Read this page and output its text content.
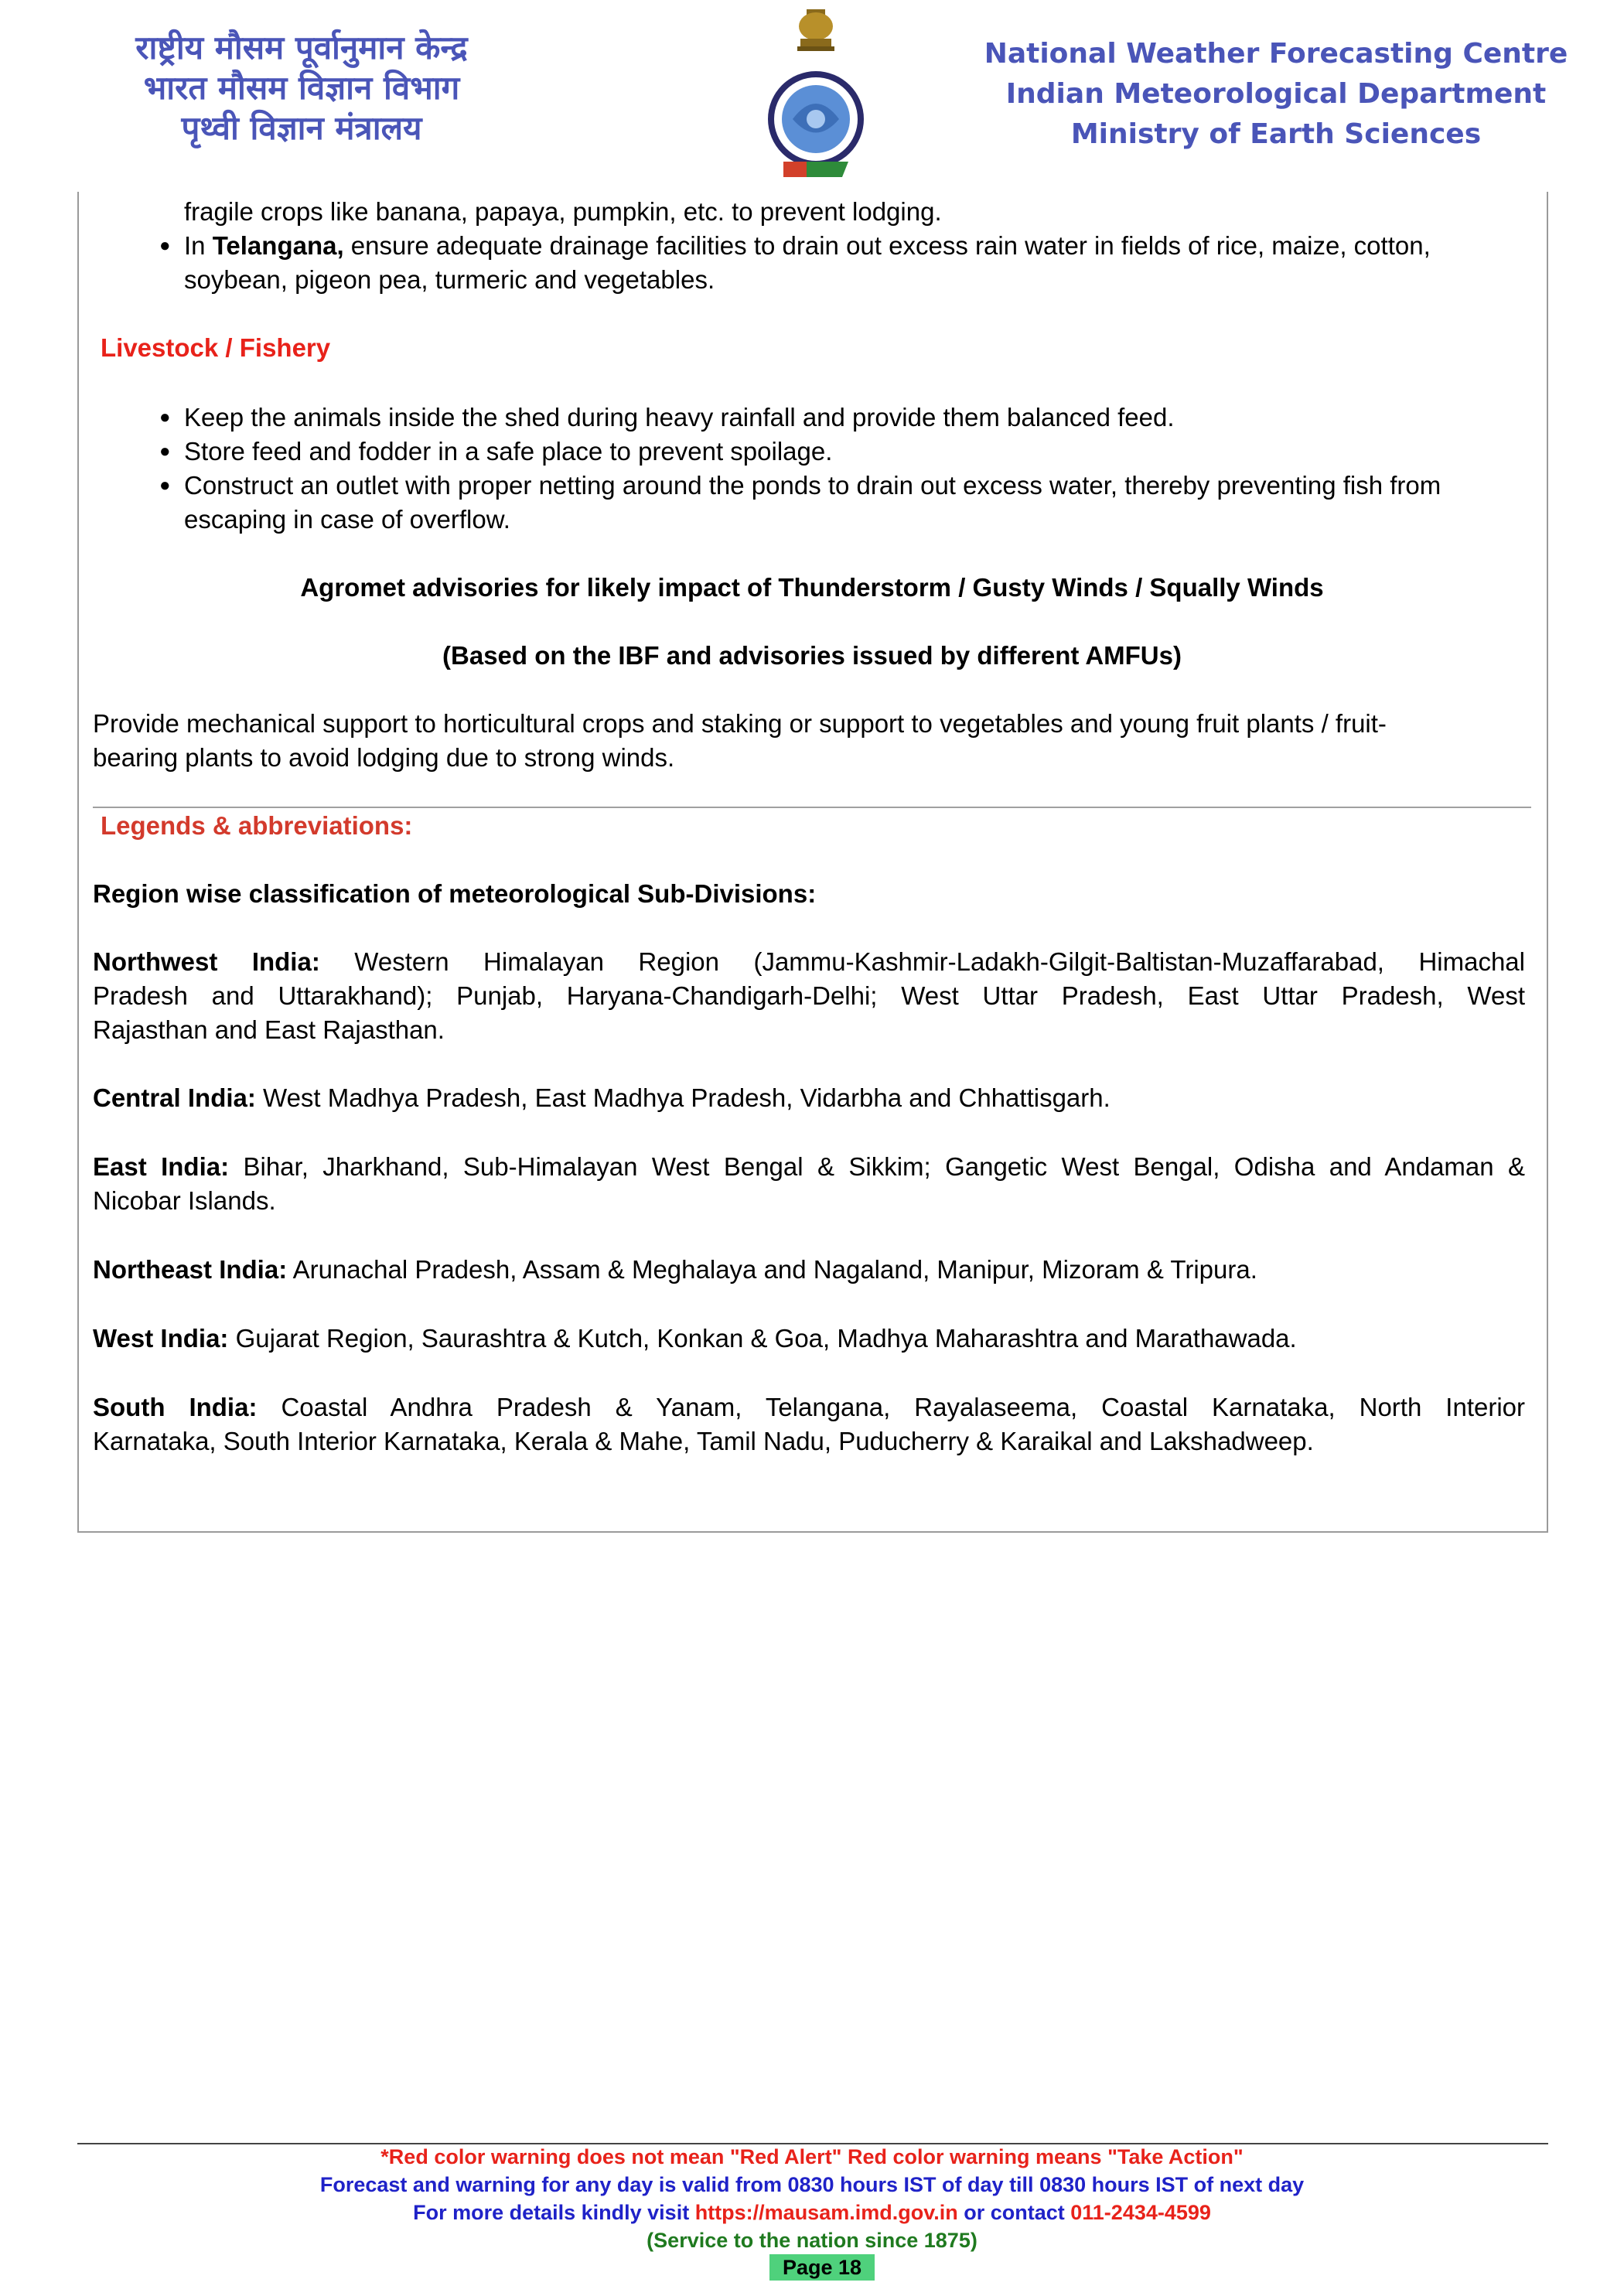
राष्ट्रीय मौसम पूर्वानुमान केन्द्र
भारत मौसम विज्ञान विभाग
पृथ्वी विज्ञान मंत्रालय
National Weather Forecasting Centre
Indian Meteorological Department
Ministry of Earth Sciences
fragile crops like banana, papaya, pumpkin, etc. to prevent lodging.
● In Telangana, ensure adequate drainage facilities to drain out excess rain water in fields of rice, maize, cotton,
soybean, pigeon pea, turmeric and vegetables.
Livestock / Fishery
● Keep the animals inside the shed during heavy rainfall and provide them balanced feed.
● Store feed and fodder in a safe place to prevent spoilage.
● Construct an outlet with proper netting around the ponds to drain out excess water, thereby preventing fish from
escaping in case of overflow.
Agromet advisories for likely impact of Thunderstorm / Gusty Winds / Squally Winds
(Based on the IBF and advisories issued by different AMFUs)
Provide mechanical support to horticultural crops and staking or support to vegetables and young fruit plants / fruit-
bearing plants to avoid lodging due to strong winds.
Legends & abbreviations:
Region wise classification of meteorological Sub-Divisions:
Northwest India: Western Himalayan Region (Jammu-Kashmir-Ladakh-Gilgit-Baltistan-Muzaffarabad, Himachal
Pradesh and Uttarakhand); Punjab, Haryana-Chandigarh-Delhi; West Uttar Pradesh, East Uttar Pradesh, West
Rajasthan and East Rajasthan.
Central India: West Madhya Pradesh, East Madhya Pradesh, Vidarbha and Chhattisgarh.
East India: Bihar, Jharkhand, Sub-Himalayan West Bengal & Sikkim; Gangetic West Bengal, Odisha and Andaman &
Nicobar Islands.
Northeast India: Arunachal Pradesh, Assam & Meghalaya and Nagaland, Manipur, Mizoram & Tripura.
West India: Gujarat Region, Saurashtra & Kutch, Konkan & Goa, Madhya Maharashtra and Marathawada.
South India: Coastal Andhra Pradesh & Yanam, Telangana, Rayalaseema, Coastal Karnataka, North Interior
Karnataka, South Interior Karnataka, Kerala & Mahe, Tamil Nadu, Puducherry & Karaikal and Lakshadweep.
*Red color warning does not mean "Red Alert" Red color warning means "Take Action"
Forecast and warning for any day is valid from 0830 hours IST of day till 0830 hours IST of next day
For more details kindly visit https://mausam.imd.gov.in or contact 011-2434-4599
(Service to the nation since 1875)
Page 18
